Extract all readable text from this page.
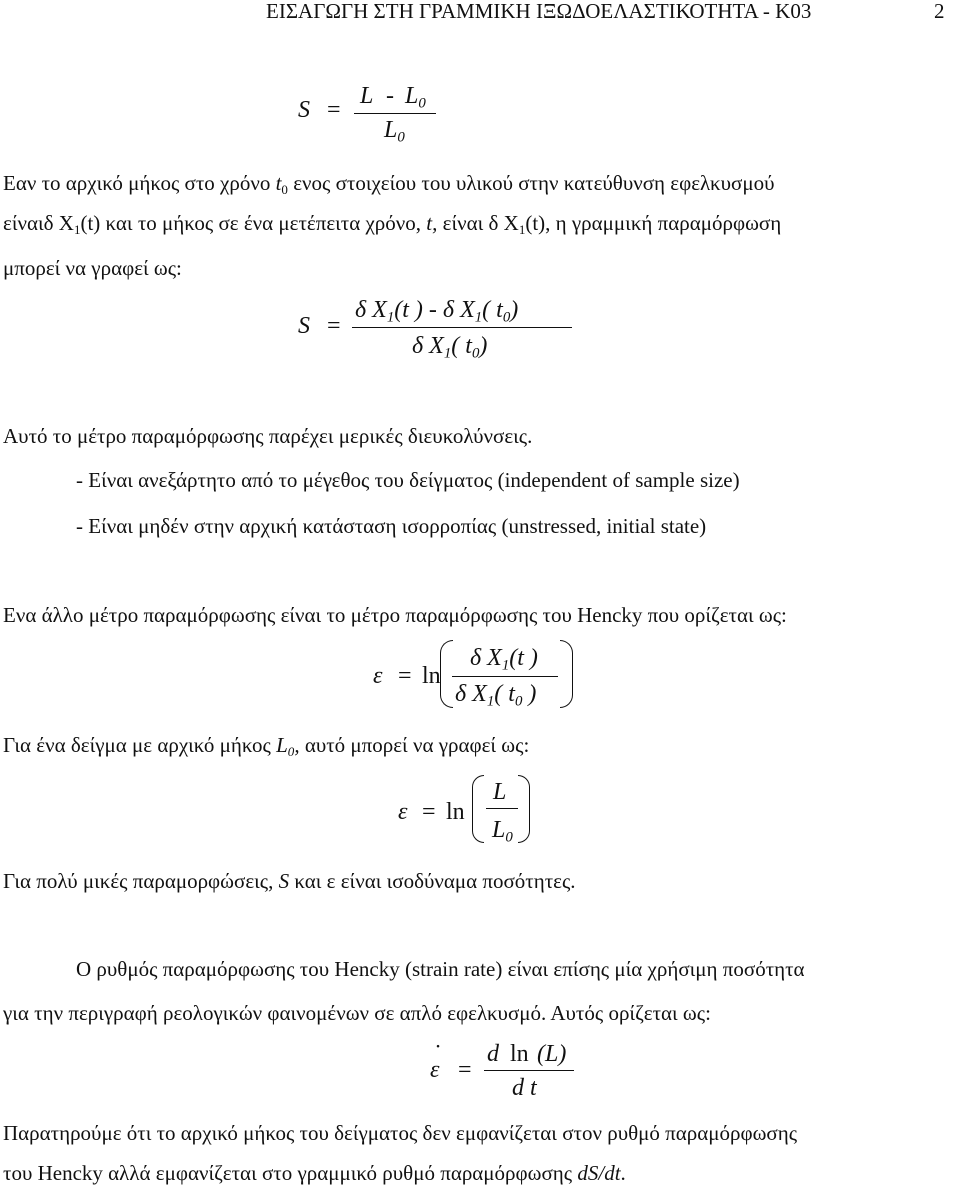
ΕΙΣΑΓΩΓΗ ΣΤΗ ΓΡΑΜΜΙΚΗ ΙΞΩΔΟΕΛΑΣΤΙΚΟΤΗΤΑ - Κ03	2
S =
L - $L_0$
$L_0$
Εαν το αρχικό μήκος στο χρόνο $t_0$ ενος στοιχείου του υλικού στην κατεύθυνση εφελκυσμού
είναιδ $X_1(t)$ και το μήκος σε ένα μετέπειτα χρόνο, t, είναι δ $X_1(t)$, η γραμμική παραμόρφωση
μπορεί να γραφεί ως:
S =
δ $X_1(t$ ) - δ $X_1$( $t_0$)
δ $X_1$( $t_0$)
Αυτό το μέτρο παραμόρφωσης παρέχει μερικές διευκολύνσεις.
- Είναι ανεξάρτητο από το μέγεθος του δείγματος (independent of sample size)
- Είναι μηδέν στην αρχική κατάσταση ισορροπίας (unstressed, initial state)
Ενα άλλο μέτρο παραμόρφωσης είναι το μέτρο παραμόρφωσης του Hencky που ορίζεται ως:
ε = ln
δ $X_1(t$ )
δ $X_1$( $t_0$ )
Για ένα δείγμα με αρχικό μήκος $L_0$, αυτό μπορεί να γραφεί ως:
ε = ln
L
$L_0$
Για πολύ μικές παραμορφώσεις, S και ε είναι ισοδύναμα ποσότητες.
Ο ρυθμός παραμόρφωσης του Hencky (strain rate) είναι επίσης μία χρήσιμη ποσότητα
για την περιγραφή ρεολογικών φαινομένων σε απλό εφελκυσμό. Αυτός ορίζεται ως:
ε
˙
=
d ln (L)
d t
Παρατηρούμε ότι το αρχικό μήκος του δείγματος δεν εμφανίζεται στον ρυθμό παραμόρφωσης
του Hencky αλλά εμφανίζεται στο γραμμικό ρυθμό παραμόρφωσης dS/dt.
